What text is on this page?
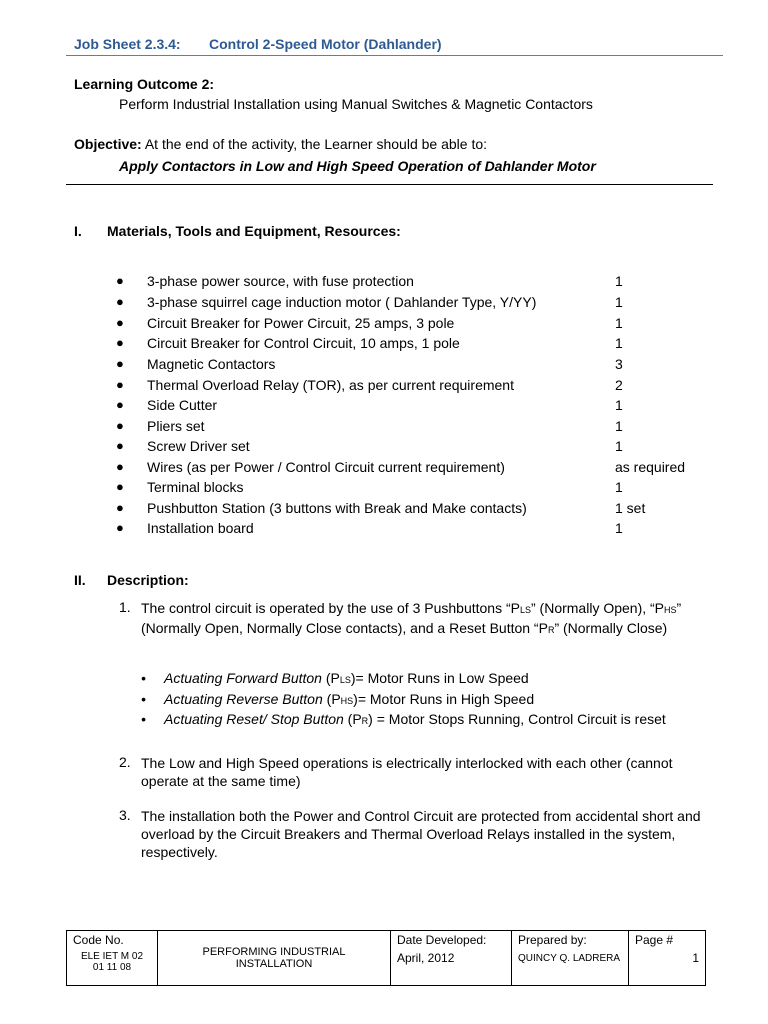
Job Sheet 2.3.4: Control 2-Speed Motor (Dahlander)
Learning Outcome 2:
Perform Industrial Installation using Manual Switches & Magnetic Contactors
Objective: At the end of the activity, the Learner should be able to:
Apply Contactors in Low and High Speed Operation of Dahlander Motor
I. Materials, Tools and Equipment, Resources:
● 3-phase power source, with fuse protection	1
● 3-phase squirrel cage induction motor ( Dahlander Type, Y/YY)	1
● Circuit Breaker for Power Circuit, 25 amps, 3 pole	1
● Circuit Breaker for Control Circuit, 10 amps, 1 pole	1
● Magnetic Contactors	3
● Thermal Overload Relay (TOR), as per current requirement	2
● Side Cutter	1
● Pliers set	1
● Screw Driver set	1
● Wires (as per Power / Control Circuit current requirement)	as required
● Terminal blocks	1
● Pushbutton Station (3 buttons with Break and Make contacts)	1 set
● Installation board	1
II. Description:
1. The control circuit is operated by the use of 3 Pushbuttons “PLS” (Normally Open), “PHS” (Normally Open, Normally Close contacts), and a Reset Button “PR” (Normally Close)
• Actuating Forward Button (PLS)= Motor Runs in Low Speed
• Actuating Reverse Button (PHS)= Motor Runs in High Speed
• Actuating Reset/ Stop Button (PR) = Motor Stops Running, Control Circuit is reset
2. The Low and High Speed operations is electrically interlocked with each other (cannot operate at the same time)
3. The installation both the Power and Control Circuit are protected from accidental short and overload by the Circuit Breakers and Thermal Overload Relays installed in the system, respectively.
Code No.
ELE IET M 02
01 11 08

PERFORMING INDUSTRIAL
INSTALLATION

Date Developed:
April, 2012

Prepared by:
QUINCY Q. LADRERA

Page #
1
